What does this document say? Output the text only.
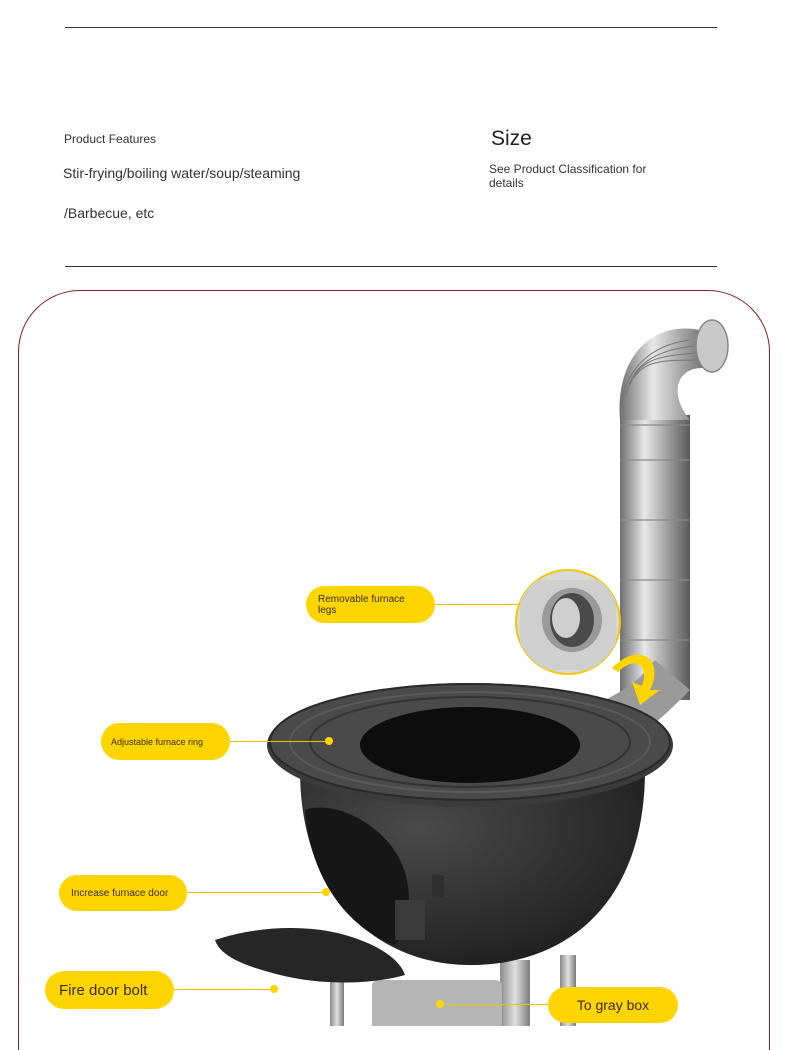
Product Features
Stir-frying/boiling water/soup/steaming
/Barbecue, etc
Size
See Product Classification for details
Removable furnace legs
Adjustable furnace ring
Increase furnace door
Fire door bolt
To gray box
